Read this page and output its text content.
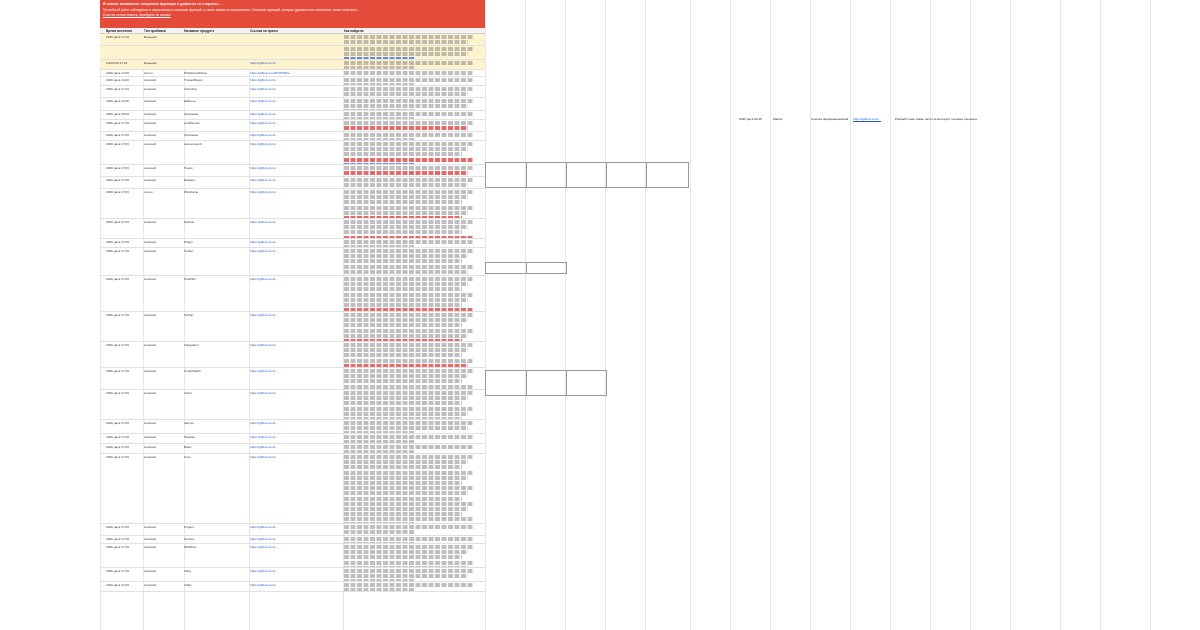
В списке выявлены: ненужные функции и дефекты со стороны...
Просьба об учёте соблюдения и неуказанных в описании функций, а также заявки на исправления. Описание функций, которые удалены или отключены, также отмечены...
Если вы хотите помочь, перейдите по ссылке
Время внесения	Тип пробавки	Название продукта	Ссылка на проект	Как найдено
2020 дата 17:03	Бенедикт
2/2/25 09:17:01	Бенедикт	https://github.com/...
2020 дата 17:03	Антон	PhpSpreadsheet	https://github.com/PHPOffice
2020 дата 14:03	Алексей	TrustedSteps	https://github.com/...
2020 дата 17:04	Алексей	ClientOrg	https://github.com/...
2020 дата 13:00	Алексей	Шаблон	https://github.com/...
2020 дата 15:03	Алексей	Описание	https://github.com/...
2020 дата 17:03	Алексей	AuditServer	https://github.com/...
2020 дата 17:03	Алексей	Описание	https://github.com/...
2020 дата 17:03	Алексей	AwesomeLib	https://github.com/...
2020 дата 17:03	Алексей	Поиск	https://github.com/...
2020 дата 17:03	Алексей	Dataset	https://github.com/...
2020 дата 17:03	Антон	Wireframe	https://github.com/...
2020 дата 17:03	Алексей	Module	https://github.com/...
2020 дата 17:03	Алексей	Plugin	https://github.com/...
2020 дата 17:03	Алексей	Toolkit	https://github.com/...
2020 дата 17:03	Алексей	SmallFix	https://github.com/...
2020 дата 17:03	Алексей	Набор	https://github.com/...
2020 дата 17:03	Алексей	Integration	https://github.com/...
2020 дата 17:03	Алексей	SmartWatch	https://github.com/...
2020 дата 17:03	Алексей	Client	https://github.com/...
2020 дата 17:03	Алексей	Запуск	https://github.com/...
2020 дата 17:03	Алексей	Пример	https://github.com/...
2020 дата 17:03	Алексей	Basic	https://github.com/...
2020 дата 17:03	Алексей	Core	https://github.com/...
2020 дата 17:03	Алексей	Project	https://github.com/...
2020 дата 17:03	Алексей	Service	https://github.com/...
2020 дата 17:03	Алексей	WebPlus	https://github.com/...
2020 дата 17:03	Алексей	Гайд	https://github.com/...
2020 дата 17:03	Алексей	Utility	https://github.com/...
2020 дата 09:15	Мария	Ссылка информационной https://github.com/...	Разработчики также часто используют похожие решения...
